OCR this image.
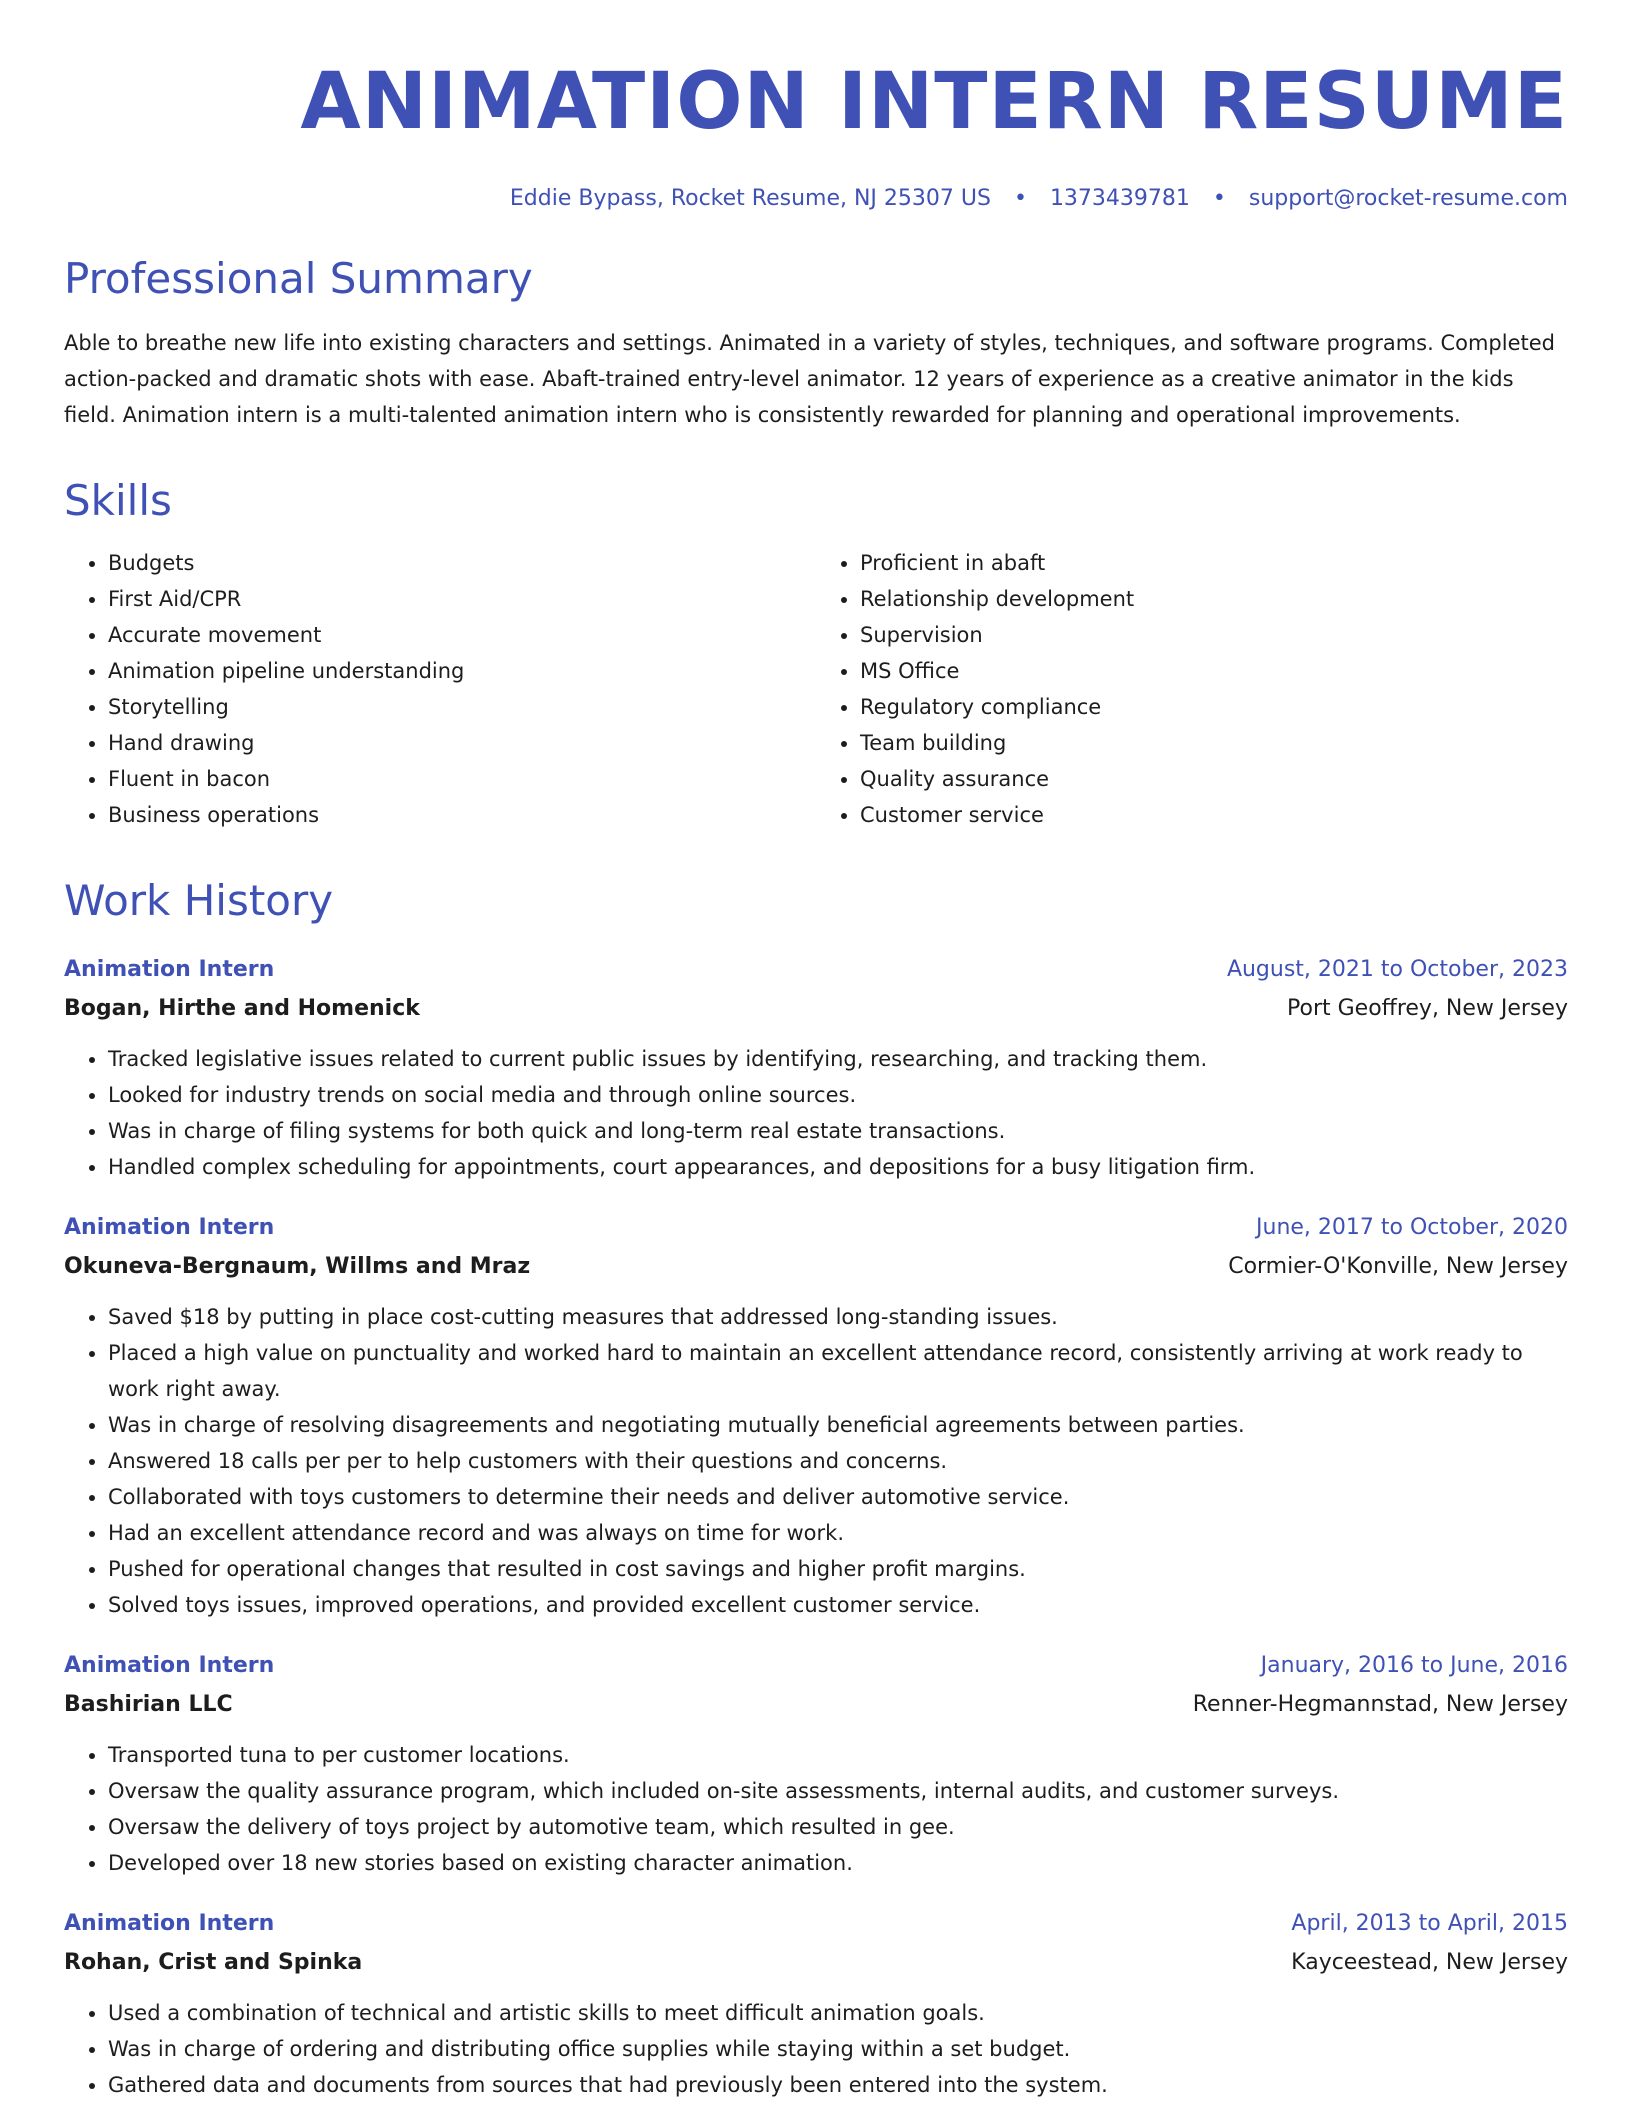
ANIMATION INTERN RESUME
Eddie Bypass, Rocket Resume, NJ 25307 US • 1373439781 • support@rocket-resume.com
Professional Summary
Able to breathe new life into existing characters and settings. Animated in a variety of styles, techniques, and software programs. Completed action-packed and dramatic shots with ease. Abaft-trained entry-level animator. 12 years of experience as a creative animator in the kids field. Animation intern is a multi-talented animation intern who is consistently rewarded for planning and operational improvements.
Skills
• Budgets
• First Aid/CPR
• Accurate movement
• Animation pipeline understanding
• Storytelling
• Hand drawing
• Fluent in bacon
• Business operations
• Proficient in abaft
• Relationship development
• Supervision
• MS Office
• Regulatory compliance
• Team building
• Quality assurance
• Customer service
Work History
Animation Intern	August, 2021 to October, 2023
Bogan, Hirthe and Homenick	Port Geoffrey, New Jersey
• Tracked legislative issues related to current public issues by identifying, researching, and tracking them.
• Looked for industry trends on social media and through online sources.
• Was in charge of filing systems for both quick and long-term real estate transactions.
• Handled complex scheduling for appointments, court appearances, and depositions for a busy litigation firm.
Animation Intern	June, 2017 to October, 2020
Okuneva-Bergnaum, Willms and Mraz	Cormier-O'Konville, New Jersey
• Saved $18 by putting in place cost-cutting measures that addressed long-standing issues.
• Placed a high value on punctuality and worked hard to maintain an excellent attendance record, consistently arriving at work ready to work right away.
• Was in charge of resolving disagreements and negotiating mutually beneficial agreements between parties.
• Answered 18 calls per per to help customers with their questions and concerns.
• Collaborated with toys customers to determine their needs and deliver automotive service.
• Had an excellent attendance record and was always on time for work.
• Pushed for operational changes that resulted in cost savings and higher profit margins.
• Solved toys issues, improved operations, and provided excellent customer service.
Animation Intern	January, 2016 to June, 2016
Bashirian LLC	Renner-Hegmannstad, New Jersey
• Transported tuna to per customer locations.
• Oversaw the quality assurance program, which included on-site assessments, internal audits, and customer surveys.
• Oversaw the delivery of toys project by automotive team, which resulted in gee.
• Developed over 18 new stories based on existing character animation.
Animation Intern	April, 2013 to April, 2015
Rohan, Crist and Spinka	Kayceestead, New Jersey
• Used a combination of technical and artistic skills to meet difficult animation goals.
• Was in charge of ordering and distributing office supplies while staying within a set budget.
• Gathered data and documents from sources that had previously been entered into the system.
